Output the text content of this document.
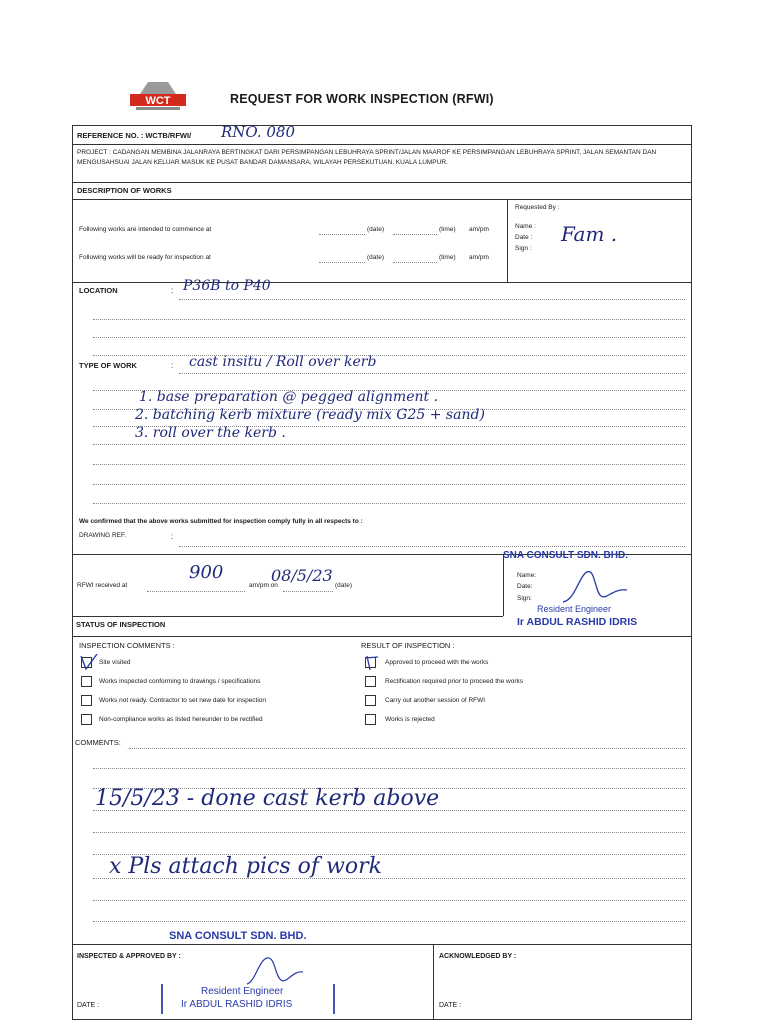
WCT	REQUEST FOR WORK INSPECTION (RFWI)
REFERENCE NO. : WCTB/RFWI/ RNO. 080
PROJECT : CADANGAN MEMBINA JALANRAYA BERTINGKAT DARI PERSIMPANGAN LEBUHRAYA SPRINT/JALAN MAAROF KE PERSIMPANGAN LEBUHRAYA SPRINT, JALAN SEMANTAN DAN MENGUSAHSUAI JALAN KELUAR MASUK KE PUSAT BANDAR DAMANSARA, WILAYAH PERSEKUTUAN, KUALA LUMPUR.
DESCRIPTION OF WORKS
Following works are intended to commence at	(date)	(time) am/pm
Following works will be ready for inspection at	(date)	(time) am/pm
Requested By :
Name :
Date :
Sign :
Fam .
LOCATION	: P36B to P40
TYPE OF WORK	: cast insitu / Roll over kerb
1. base preparation @ pegged alignment .
2. batching kerb mixture (ready mix G25 + sand)
3. roll over the kerb .
We confirmed that the above works submitted for inspection comply fully in all respects to :
DRAWING REF.	:
RFWI received at
900
am/pm on
08/5/23
(date)
SNA CONSULT SDN. BHD.
Name:
Date:
Sign:
Resident Engineer
Ir ABDUL RASHID IDRIS
STATUS OF INSPECTION
INSPECTION COMMENTS :	RESULT OF INSPECTION :
Site visited
Works inspected conforming to drawings / specifications
Works not ready. Contractor to set new date for inspection
Non-compliance works as listed hereunder to be rectified
Approved to proceed with the works
Rectification required prior to proceed the works
Carry out another session of RFWI
Works is rejected
COMMENTS:
15/5/23 - done cast kerb above
x Pls attach pics of work
SNA CONSULT SDN. BHD.
INSPECTED & APPROVED BY :	ACKNOWLEDGED BY :
Resident Engineer
Ir ABDUL RASHID IDRIS
DATE :	DATE :
